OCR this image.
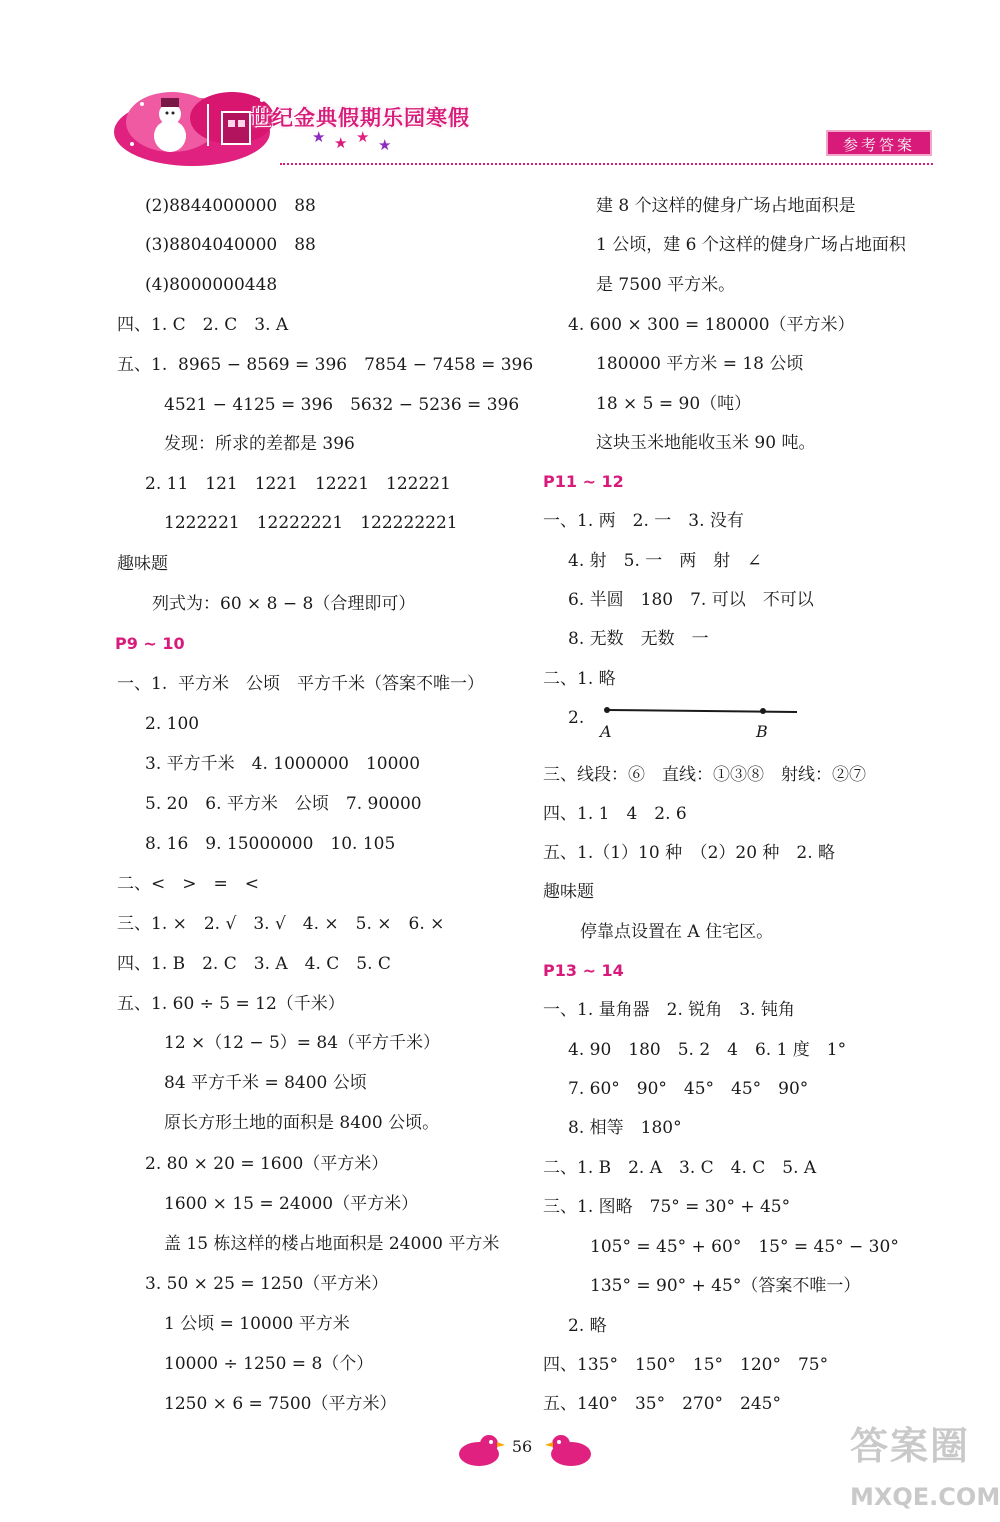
世纪金典假期乐园寒假
★ ★ ★ ★	参考答案
(2)8844000000　88
(3)8804040000　88
(4)8000000448
四、1. C　2. C　3. A
五、1.  8965 − 8569 = 396　7854 − 7458 = 396
4521 − 4125 = 396　5632 − 5236 = 396
发现：所求的差都是 396
2. 11　121　1221　12221　122221
1222221　12222221　122222221
趣味题
列式为：60 × 8 − 8（合理即可）
P9 ~ 10
一、1.  平方米　公顷　平方千米（答案不唯一）
2. 100
3. 平方千米　4. 1000000　10000
5. 20　6. 平方米　公顷　7. 90000
8. 16　9. 15000000　10. 105
二、<　>　=　<
三、1. ×　2. √　3. √　4. ×　5. ×　6. ×
四、1. B　2. C　3. A　4. C　5. C
五、1. 60 ÷ 5 = 12（千米）
12 ×（12 − 5）= 84（平方千米）
84 平方千米 = 8400 公顷
原长方形土地的面积是 8400 公顷。
2. 80 × 20 = 1600（平方米）
1600 × 15 = 24000（平方米）
盖 15 栋这样的楼占地面积是 24000 平方米
3. 50 × 25 = 1250（平方米）
1 公顷 = 10000 平方米
10000 ÷ 1250 = 8（个）
1250 × 6 = 7500（平方米）
建 8 个这样的健身广场占地面积是
1 公顷，建 6 个这样的健身广场占地面积
是 7500 平方米。
4. 600 × 300 = 180000（平方米）
180000 平方米 = 18 公顷
18 × 5 = 90（吨）
这块玉米地能收玉米 90 吨。
P11 ~ 12
一、1. 两　2. 一　3. 没有
4. 射　5. 一　两　射　∠
6. 半圆　180　7. 可以　不可以
8. 无数　无数　一
二、1. 略
2.
A	B
三、线段：⑥　直线：①③⑧　射线：②⑦
四、1. 1　4　2. 6
五、1.（1）10 种　（2）20 种　2. 略
趣味题
停靠点设置在 A 住宅区。
P13 ~ 14
一、1. 量角器　2. 锐角　3. 钝角
4. 90　180　5. 2　4　6. 1 度　1°
7. 60°　90°　45°　45°　90°
8. 相等　180°
二、1. B　2. A　3. C　4. C　5. A
三、1. 图略　75° = 30° + 45°
105° = 45° + 60°　15° = 45° − 30°
135° = 90° + 45°（答案不唯一）
2. 略
四、135°　150°　15°　120°　75°
五、140°　35°　270°　245°
56	答案圈
MXQE.COM
